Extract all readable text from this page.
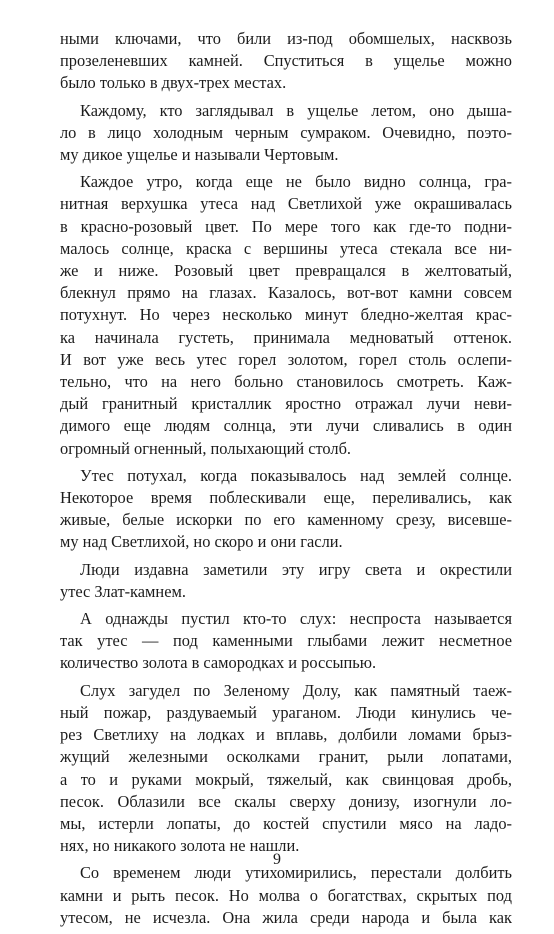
ными ключами, что били из-под обомшелых, насквозь
прозеленевших камней. Спуститься в ущелье можно
было только в двух-трех местах.
Каждому, кто заглядывал в ущелье летом, оно дыша-
ло в лицо холодным черным сумраком. Очевидно, поэто-
му дикое ущелье и называли Чертовым.
Каждое утро, когда еще не было видно солнца, гра-
нитная верхушка утеса над Светлихой уже окрашивалась
в красно-розовый цвет. По мере того как где-то подни-
малось солнце, краска с вершины утеса стекала все ни-
же и ниже. Розовый цвет превращался в желтоватый,
блекнул прямо на глазах. Казалось, вот-вот камни совсем
потухнут. Но через несколько минут бледно-желтая крас-
ка начинала густеть, принимала медноватый оттенок.
И вот уже весь утес горел золотом, горел столь ослепи-
тельно, что на него больно становилось смотреть. Каж-
дый гранитный кристаллик яростно отражал лучи неви-
димого еще людям солнца, эти лучи сливались в один
огромный огненный, полыхающий столб.
Утес потухал, когда показывалось над землей солнце.
Некоторое время поблескивали еще, переливались, как
живые, белые искорки по его каменному срезу, висевше-
му над Светлихой, но скоро и они гасли.
Люди издавна заметили эту игру света и окрестили
утес Злат-камнем.
А однажды пустил кто-то слух: неспроста называется
так утес — под каменными глыбами лежит несметное
количество золота в самородках и россыпью.
Слух загудел по Зеленому Долу, как памятный таеж-
ный пожар, раздуваемый ураганом. Люди кинулись че-
рез Светлиху на лодках и вплавь, долбили ломами брыз-
жущий железными осколками гранит, рыли лопатами,
а то и руками мокрый, тяжелый, как свинцовая дробь,
песок. Облазили все скалы сверху донизу, изогнули ло-
мы, истерли лопаты, до костей спустили мясо на ладо-
нях, но никакого золота не нашли.
Со временем люди утихомирились, перестали долбить
камни и рыть песок. Но молва о богатствах, скрытых под
утесом, не исчезла. Она жила среди народа и была как
9
